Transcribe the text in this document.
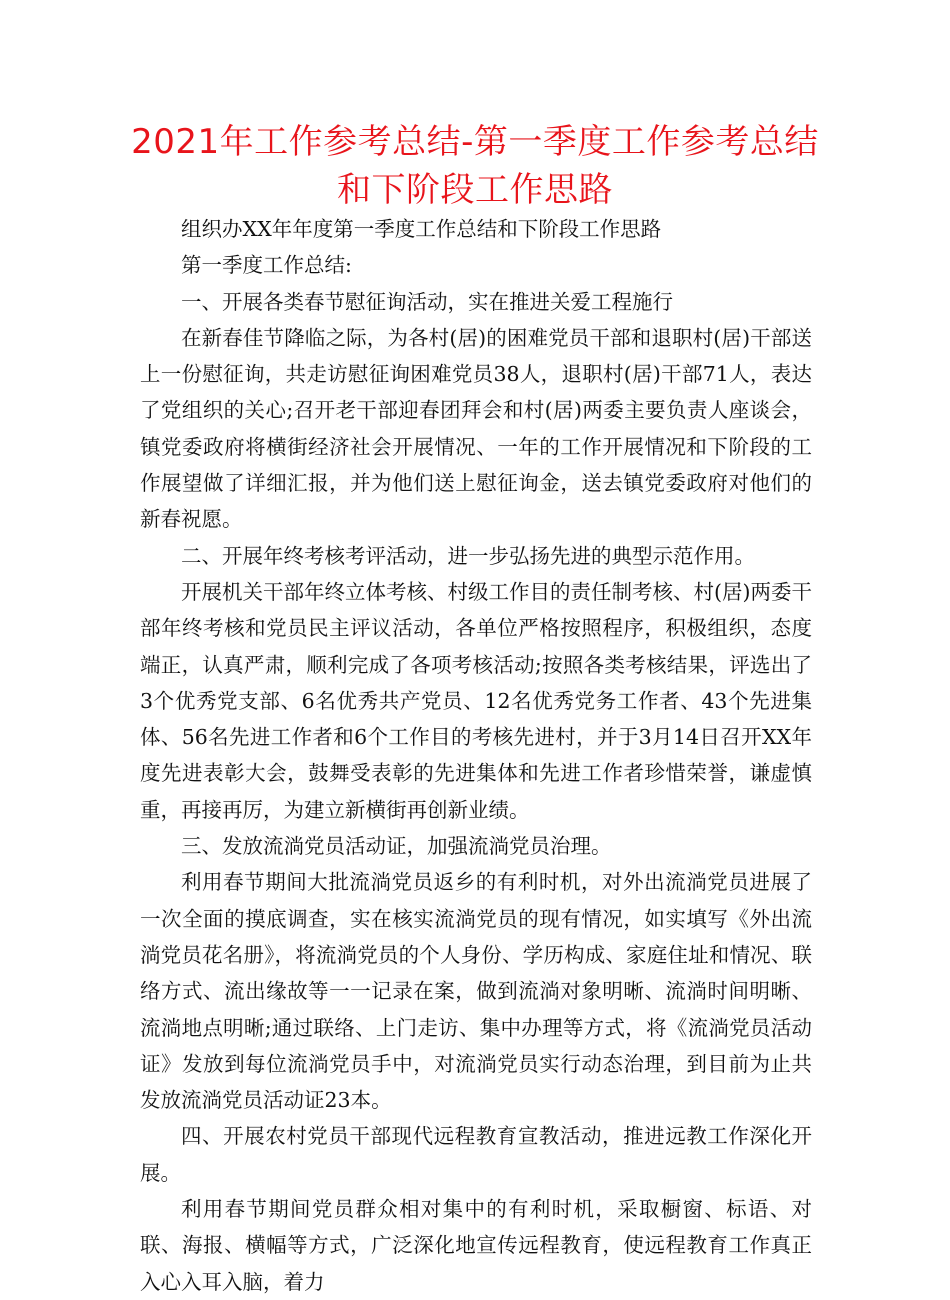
2021年工作参考总结-第一季度工作参考总结和下阶段工作思路

组织办XX年年度第一季度工作总结和下阶段工作思路

第一季度工作总结:

一、开展各类春节慰征询活动，实在推进关爱工程施行

在新春佳节降临之际，为各村(居)的困难党员干部和退职村(居)干部送上一份慰征询，共走访慰征询困难党员38人，退职村(居)干部71人，表达了党组织的关心;召开老干部迎春团拜会和村(居)两委主要负责人座谈会，镇党委政府将横街经济社会开展情况、一年的工作开展情况和下阶段的工作展望做了详细汇报，并为他们送上慰征询金，送去镇党委政府对他们的新春祝愿。

二、开展年终考核考评活动，进一步弘扬先进的典型示范作用。

开展机关干部年终立体考核、村级工作目的责任制考核、村(居)两委干部年终考核和党员民主评议活动，各单位严格按照程序，积极组织，态度端正，认真严肃，顺利完成了各项考核活动;按照各类考核结果，评选出了3个优秀党支部、6名优秀共产党员、12名优秀党务工作者、43个先进集体、56名先进工作者和6个工作目的考核先进村，并于3月14日召开XX年度先进表彰大会，鼓舞受表彰的先进集体和先进工作者珍惜荣誉，谦虚慎重，再接再厉，为建立新横街再创新业绩。

三、发放流淌党员活动证，加强流淌党员治理。

利用春节期间大批流淌党员返乡的有利时机，对外出流淌党员进展了一次全面的摸底调查，实在核实流淌党员的现有情况，如实填写《外出流淌党员花名册》，将流淌党员的个人身份、学历构成、家庭住址和情况、联络方式、流出缘故等一一记录在案，做到流淌对象明晰、流淌时间明晰、流淌地点明晰;通过联络、上门走访、集中办理等方式，将《流淌党员活动证》发放到每位流淌党员手中，对流淌党员实行动态治理，到目前为止共发放流淌党员活动证23本。

四、开展农村党员干部现代远程教育宣教活动，推进远教工作深化开展。

利用春节期间党员群众相对集中的有利时机，采取橱窗、标语、对联、海报、横幅等方式，广泛深化地宣传远程教育，使远程教育工作真正入心入耳入脑，着力
